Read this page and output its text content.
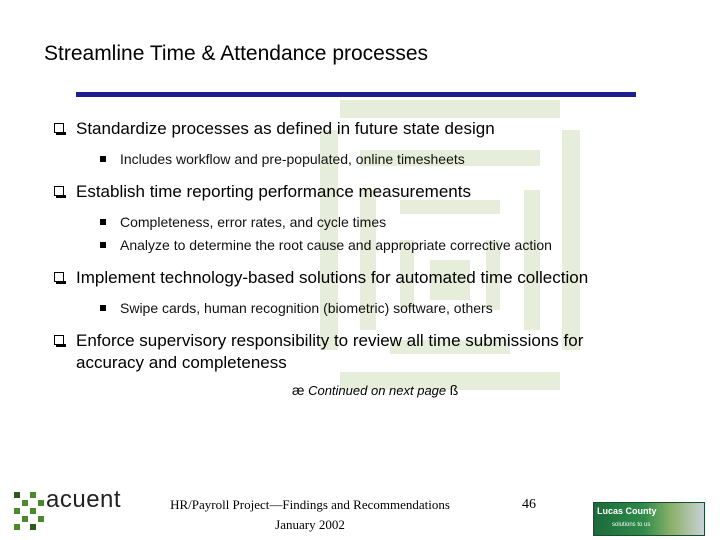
Streamline Time & Attendance processes
Standardize processes as defined in future state design
Includes workflow and pre-populated, online timesheets
Establish time reporting performance measurements
Completeness, error rates, and cycle times
Analyze to determine the root cause and appropriate corrective action
Implement technology-based solutions for automated time collection
Swipe cards, human recognition (biometric) software, others
Enforce supervisory responsibility to review all time submissions for
accuracy and completeness
æ Continued on next page ß
acuent	HR/Payroll Project—Findings and Recommendations
January 2002
46	Lucas County
solutions to us
